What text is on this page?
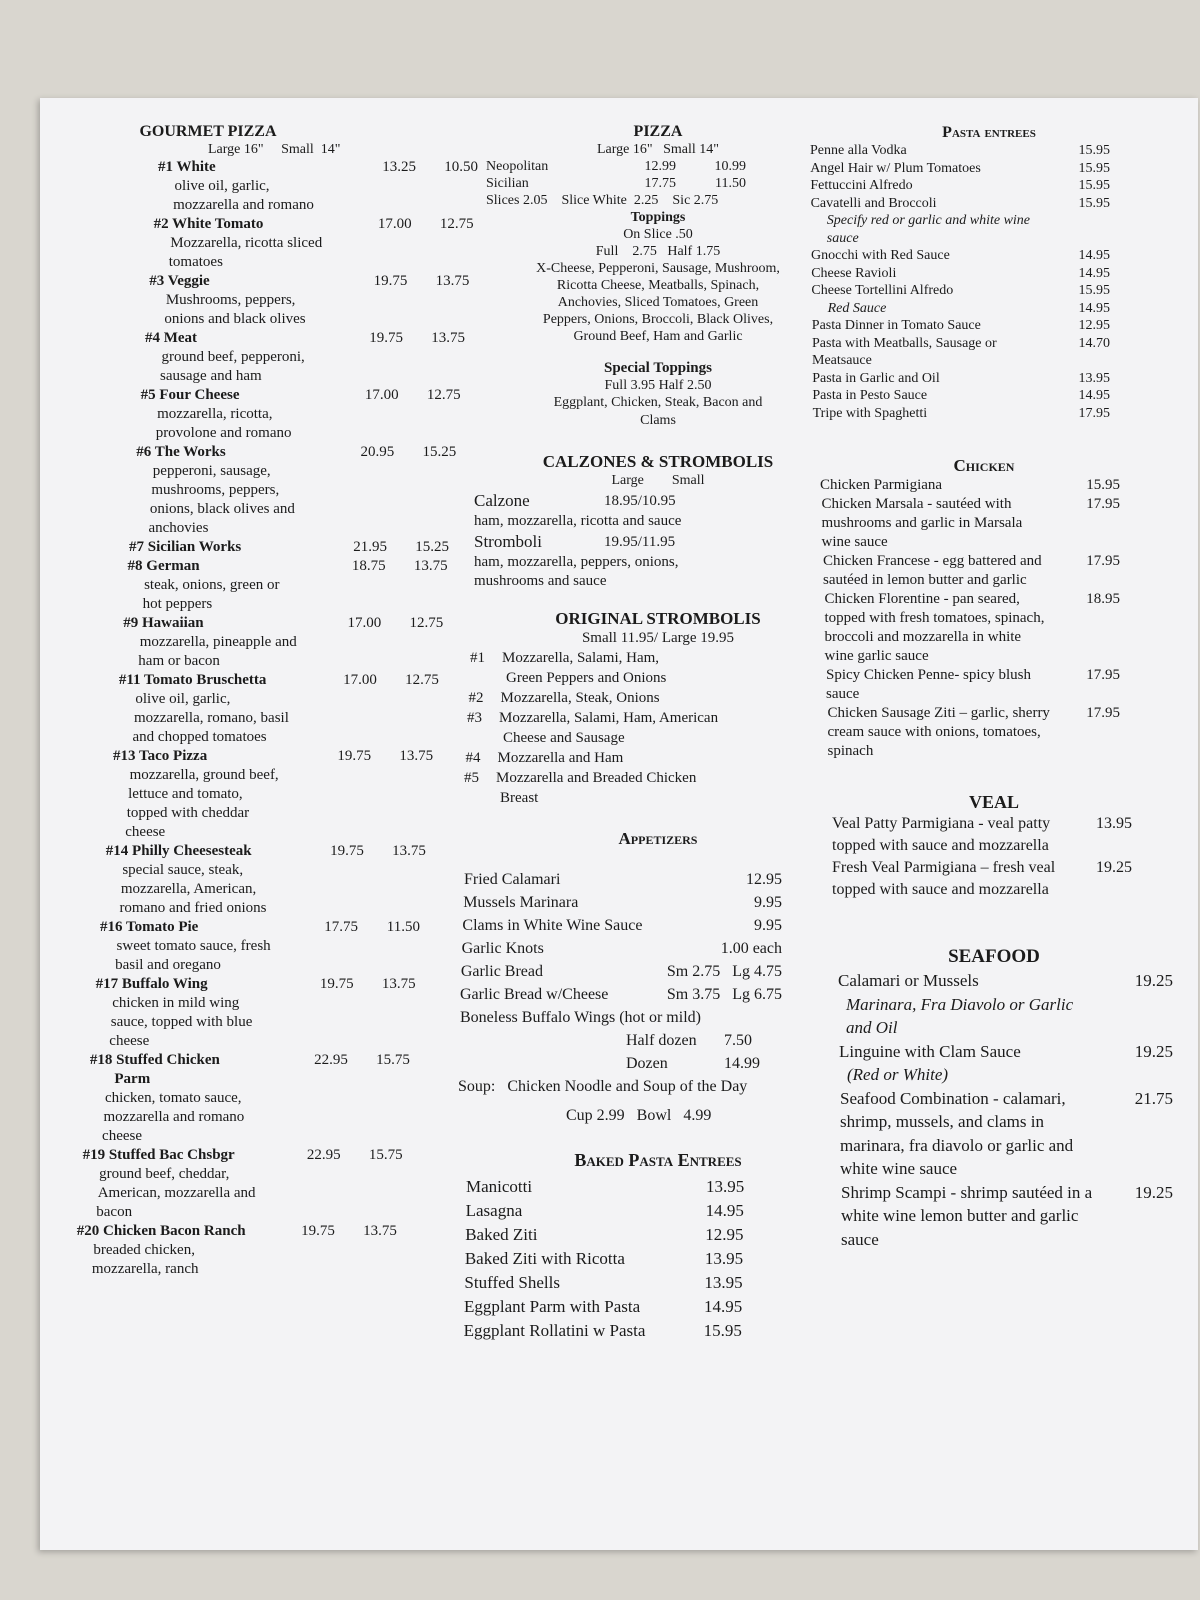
GOURMET PIZZA
Large 16"     Small  14"
#1 White	13.25	10.50
olive oil, garlic,
mozzarella and romano
#2 White Tomato	17.00	12.75
Mozzarella, ricotta sliced
tomatoes
#3 Veggie	19.75	13.75
Mushrooms, peppers,
onions and black olives
#4 Meat	19.75	13.75
ground beef, pepperoni,
sausage and ham
#5 Four Cheese	17.00	12.75
mozzarella, ricotta,
provolone and romano
#6 The Works	20.95	15.25
pepperoni, sausage,
mushrooms, peppers,
onions, black olives and
anchovies
#7 Sicilian Works	21.95	15.25
#8 German	18.75	13.75
steak, onions, green or
hot peppers
#9 Hawaiian	17.00	12.75
mozzarella, pineapple and
ham or bacon
#11 Tomato Bruschetta	17.00	12.75
olive oil, garlic,
mozzarella, romano, basil
and chopped tomatoes
#13 Taco Pizza	19.75	13.75
mozzarella, ground beef,
lettuce and tomato,
topped with cheddar
cheese
#14 Philly Cheesesteak	19.75	13.75
special sauce, steak,
mozzarella, American,
romano and fried onions
#16 Tomato Pie	17.75	11.50
sweet tomato sauce, fresh
basil and oregano
#17 Buffalo Wing	19.75	13.75
chicken in mild wing
sauce, topped with blue
cheese
#18 Stuffed Chicken	22.95	15.75
Parm
chicken, tomato sauce,
mozzarella and romano
cheese
#19 Stuffed Bac Chsbgr	22.95	15.75
ground beef, cheddar,
American, mozzarella and
bacon
#20 Chicken Bacon Ranch	19.75	13.75
breaded chicken,
mozzarella, ranch
PIZZA
Large 16"   Small 14"
Neopolitan	12.99	10.99
Sicilian	17.75	11.50
Slices 2.05    Slice White  2.25    Sic 2.75
Toppings
On Slice .50
Full    2.75   Half 1.75
X-Cheese, Pepperoni, Sausage, Mushroom,
Ricotta Cheese, Meatballs, Spinach,
Anchovies, Sliced Tomatoes, Green
Peppers, Onions, Broccoli, Black Olives,
Ground Beef, Ham and Garlic
Special Toppings
Full 3.95 Half 2.50
Eggplant, Chicken, Steak, Bacon and
Clams
CALZONES & STROMBOLIS
Large        Small
Calzone	18.95/10.95
ham, mozzarella, ricotta and sauce
Stromboli	19.95/11.95
ham, mozzarella, peppers, onions,
mushrooms and sauce
ORIGINAL STROMBOLIS
Small 11.95/ Large 19.95
#1	Mozzarella, Salami, Ham,
Green Peppers and Onions
#2	Mozzarella, Steak, Onions
#3	Mozzarella, Salami, Ham, American
Cheese and Sausage
#4	Mozzarella and Ham
#5	Mozzarella and Breaded Chicken
Breast
Appetizers
Fried Calamari	12.95
Mussels Marinara	9.95
Clams in White Wine Sauce	9.95
Garlic Knots	1.00 each
Garlic Bread	Sm 2.75   Lg 4.75
Garlic Bread w/Cheese	Sm 3.75   Lg 6.75
Boneless Buffalo Wings (hot or mild)
Half dozen	7.50
Dozen	14.99
Soup:   Chicken Noodle and Soup of the Day
Cup 2.99   Bowl   4.99
Baked Pasta Entrees
Manicotti	13.95
Lasagna	14.95
Baked Ziti	12.95
Baked Ziti with Ricotta	13.95
Stuffed Shells	13.95
Eggplant Parm with Pasta	14.95
Eggplant Rollatini w Pasta	15.95
Pasta entrees
Penne alla Vodka	15.95
Angel Hair w/ Plum Tomatoes	15.95
Fettuccini Alfredo	15.95
Cavatelli and Broccoli	15.95
Specify red or garlic and white wine sauce
Gnocchi with Red Sauce	14.95
Cheese Ravioli	14.95
Cheese Tortellini Alfredo	15.95
Red Sauce	14.95
Pasta Dinner in Tomato Sauce	12.95
Pasta with Meatballs, Sausage or Meatsauce
14.70
Pasta in Garlic and Oil	13.95
Pasta in Pesto Sauce	14.95
Tripe with Spaghetti	17.95
Chicken
Chicken Parmigiana	15.95
Chicken Marsala - sautéed with mushrooms and garlic in Marsala wine sauce
17.95
Chicken Francese - egg battered and sautéed in lemon butter and garlic
17.95
Chicken Florentine - pan seared, topped with fresh tomatoes, spinach, broccoli and mozzarella in white wine garlic sauce
18.95
Spicy Chicken Penne- spicy blush sauce
17.95
Chicken Sausage Ziti – garlic, sherry cream sauce with onions, tomatoes, spinach
17.95
VEAL
Veal Patty Parmigiana - veal patty topped with sauce and mozzarella
13.95
Fresh Veal Parmigiana – fresh veal topped with sauce and mozzarella
19.25
SEAFOOD
Calamari or Mussels	19.25
Marinara, Fra Diavolo or Garlic and Oil
Linguine with Clam Sauce	19.25
(Red or White)
Seafood Combination - calamari, shrimp, mussels, and clams in marinara, fra diavolo or garlic and white wine sauce
21.75
Shrimp Scampi - shrimp sautéed in a white wine lemon butter and garlic sauce
19.25
